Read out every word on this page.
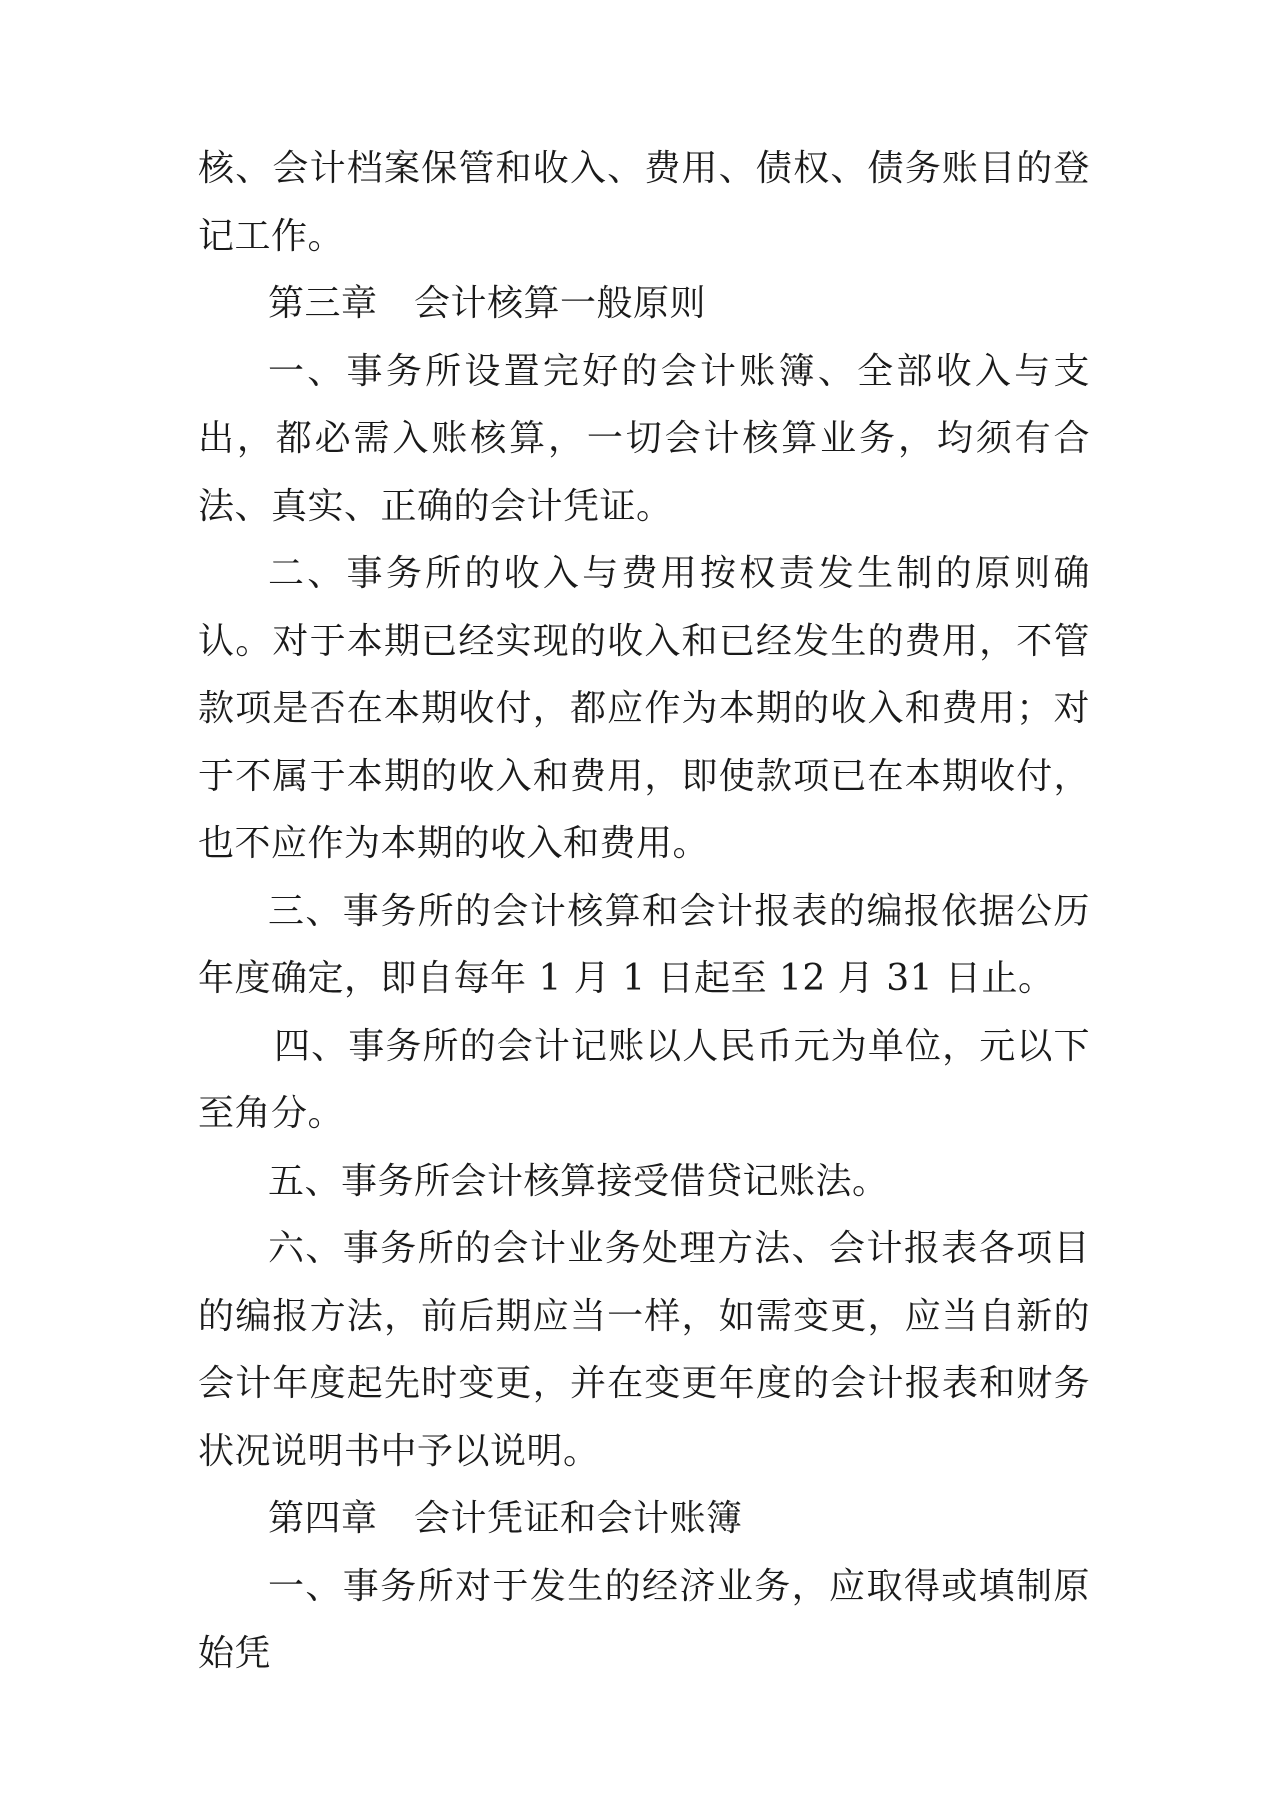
核、会计档案保管和收入、费用、债权、债务账目的登记工作。

第三章　会计核算一般原则

一、事务所设置完好的会计账簿、全部收入与支出，都必需入账核算，一切会计核算业务，均须有合法、真实、正确的会计凭证。

二、事务所的收入与费用按权责发生制的原则确认。对于本期已经实现的收入和已经发生的费用，不管款项是否在本期收付，都应作为本期的收入和费用；对于不属于本期的收入和费用，即使款项已在本期收付，也不应作为本期的收入和费用。

三、事务所的会计核算和会计报表的编报依据公历年度确定，即自每年 1 月 1 日起至 12 月 31 日止。

四、事务所的会计记账以人民币元为单位，元以下至角分。

五、事务所会计核算接受借贷记账法。

六、事务所的会计业务处理方法、会计报表各项目的编报方法，前后期应当一样，如需变更，应当自新的会计年度起先时变更，并在变更年度的会计报表和财务状况说明书中予以说明。

第四章　会计凭证和会计账簿

一、事务所对于发生的经济业务，应取得或填制原始凭
